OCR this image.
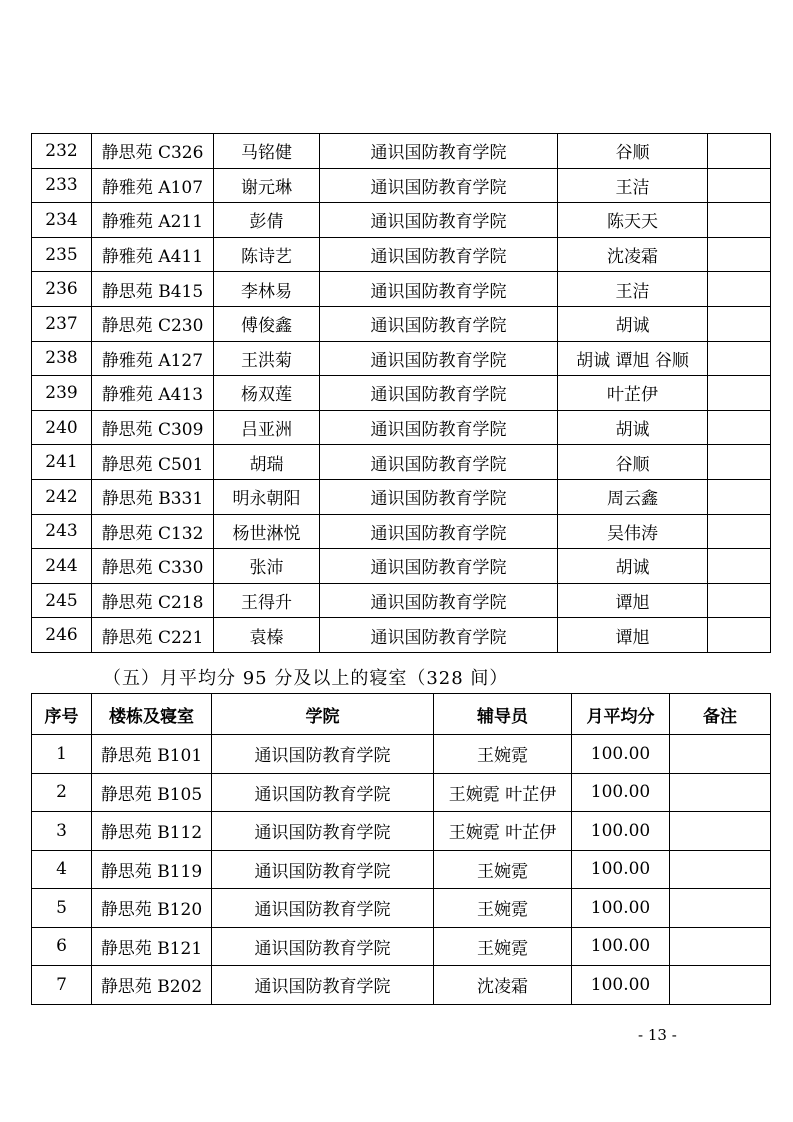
232	静思苑 C326	马铭健	通识国防教育学院	谷顺	
233	静雅苑 A107	谢元琳	通识国防教育学院	王洁	
234	静雅苑 A211	彭倩	通识国防教育学院	陈天天	
235	静雅苑 A411	陈诗艺	通识国防教育学院	沈凌霜	
236	静思苑 B415	李林易	通识国防教育学院	王洁	
237	静思苑 C230	傅俊鑫	通识国防教育学院	胡诚	
238	静雅苑 A127	王洪菊	通识国防教育学院	胡诚 谭旭 谷顺	
239	静雅苑 A413	杨双莲	通识国防教育学院	叶芷伊	
240	静思苑 C309	吕亚洲	通识国防教育学院	胡诚	
241	静思苑 C501	胡瑞	通识国防教育学院	谷顺	
242	静思苑 B331	明永朝阳	通识国防教育学院	周云鑫	
243	静思苑 C132	杨世淋悦	通识国防教育学院	吴伟涛	
244	静思苑 C330	张沛	通识国防教育学院	胡诚	
245	静思苑 C218	王得升	通识国防教育学院	谭旭	
246	静思苑 C221	袁榛	通识国防教育学院	谭旭	
（五）月平均分 95 分及以上的寝室（328 间）
序号	楼栋及寝室	学院	辅导员	月平均分	备注
1	静思苑 B101	通识国防教育学院	王婉霓	100.00	
2	静思苑 B105	通识国防教育学院	王婉霓 叶芷伊	100.00	
3	静思苑 B112	通识国防教育学院	王婉霓 叶芷伊	100.00	
4	静思苑 B119	通识国防教育学院	王婉霓	100.00	
5	静思苑 B120	通识国防教育学院	王婉霓	100.00	
6	静思苑 B121	通识国防教育学院	王婉霓	100.00	
7	静思苑 B202	通识国防教育学院	沈凌霜	100.00	
- 13 -
